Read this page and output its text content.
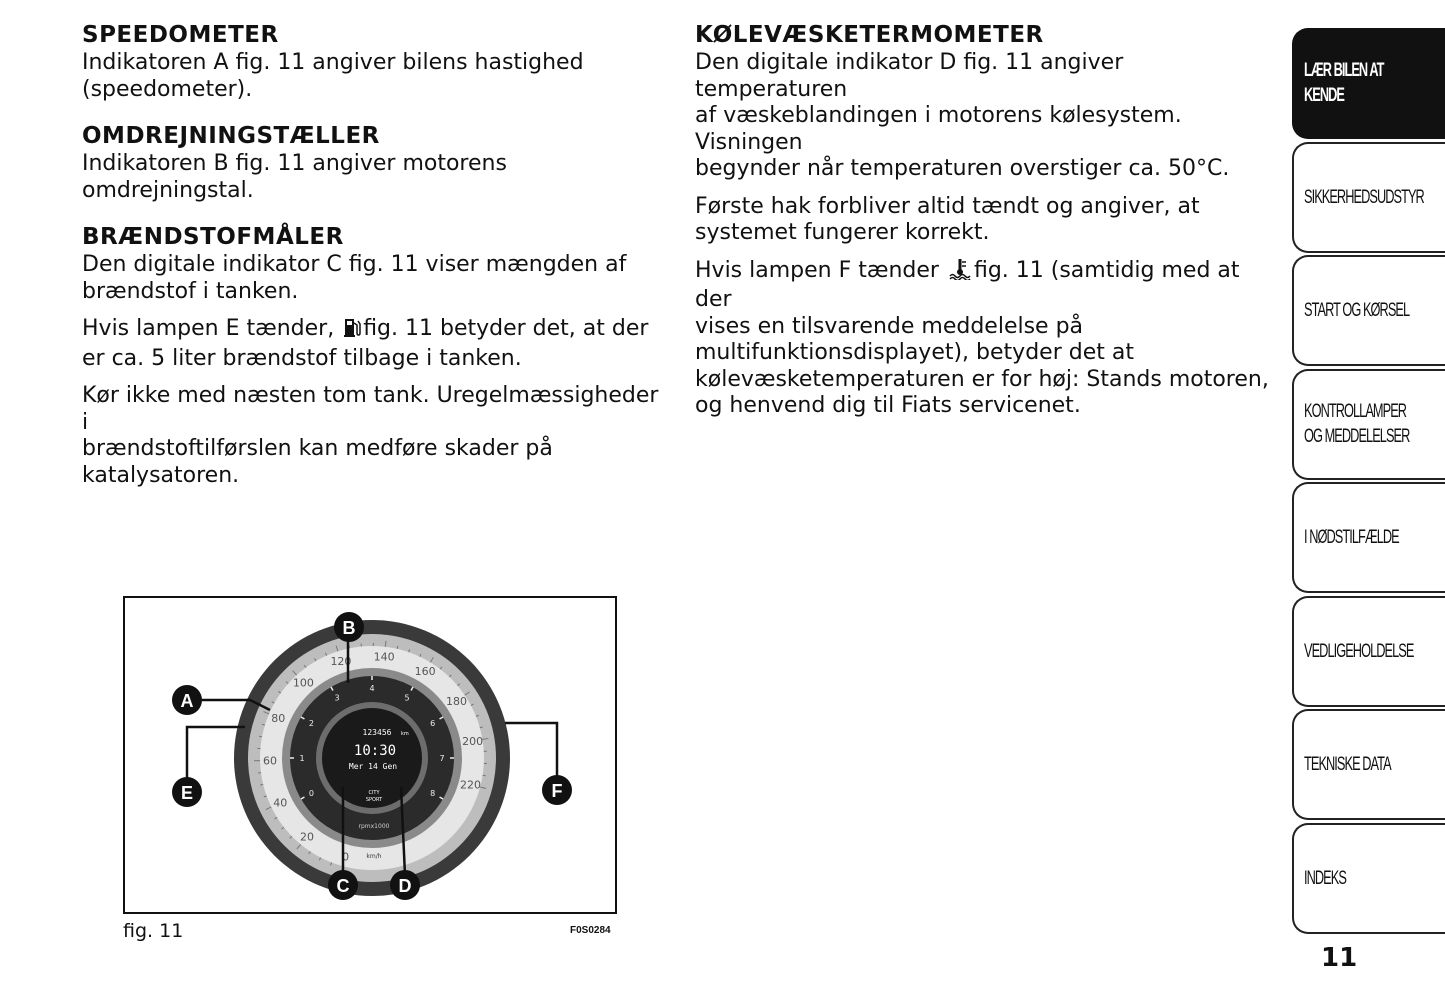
SPEEDOMETER

Indikatoren A fig. 11 angiver bilens hastighed
(speedometer).

OMDREJNINGSTÆLLER

Indikatoren B fig. 11 angiver motorens
omdrejningstal.

BRÆNDSTOFMÅLER

Den digitale indikator C fig. 11 viser mængden af
brændstof i tanken.

Hvis lampen E tænder, fig. 11 betyder det, at der
er ca. 5 liter brændstof tilbage i tanken.

Kør ikke med næsten tom tank. Uregelmæssigheder i
brændstoftilførslen kan medføre skader på
katalysatoren.

KØLEVÆSKETERMOMETER

Den digitale indikator D fig. 11 angiver temperaturen
af væskeblandingen i motorens kølesystem. Visningen
begynder når temperaturen overstiger ca. 50°C.

Første hak forbliver altid tændt og angiver, at
systemet fungerer korrekt.

Hvis lampen F tænder fig. 11 (samtidig med at der
vises en tilsvarende meddelelse på
multifunktionsdisplayet), betyder det at
kølevæsketemperaturen er for høj: Stands motoren,
og henvend dig til Fiats servicenet.

0
20
40
60
80
100
120 140
160
180
200
220
0
1
2
3
4
5
6
7
8
123456 km
10:30
Mer 14 Gen
CITY
SPORT
rpmx1000
km/h
B
A
E	F
C	D
fig. 11	F0S0284
LÆR BILEN AT
KENDE
SIKKERHEDSUDSTYR
START OG KØRSEL
KONTROLLAMPER
OG MEDDELELSER
I NØDSTILFÆLDE
VEDLIGEHOLDELSE
TEKNISKE DATA
INDEKS
11
